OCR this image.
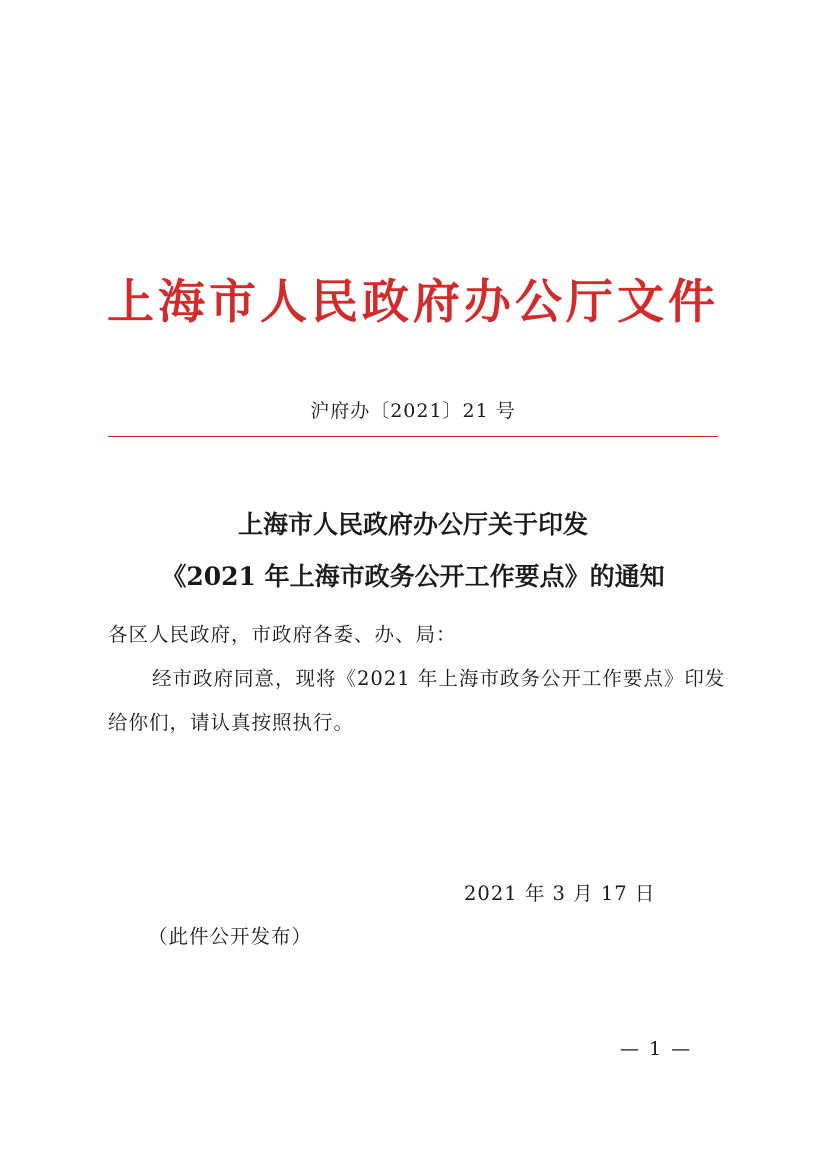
上海市人民政府办公厅文件
沪府办〔2021〕21 号
上海市人民政府办公厅关于印发
《2021 年上海市政务公开工作要点》的通知
各区人民政府，市政府各委、办、局：
经市政府同意，现将《2021 年上海市政务公开工作要点》印发
给你们，请认真按照执行。
2021 年 3 月 17 日
（此件公开发布）
— 1 —
